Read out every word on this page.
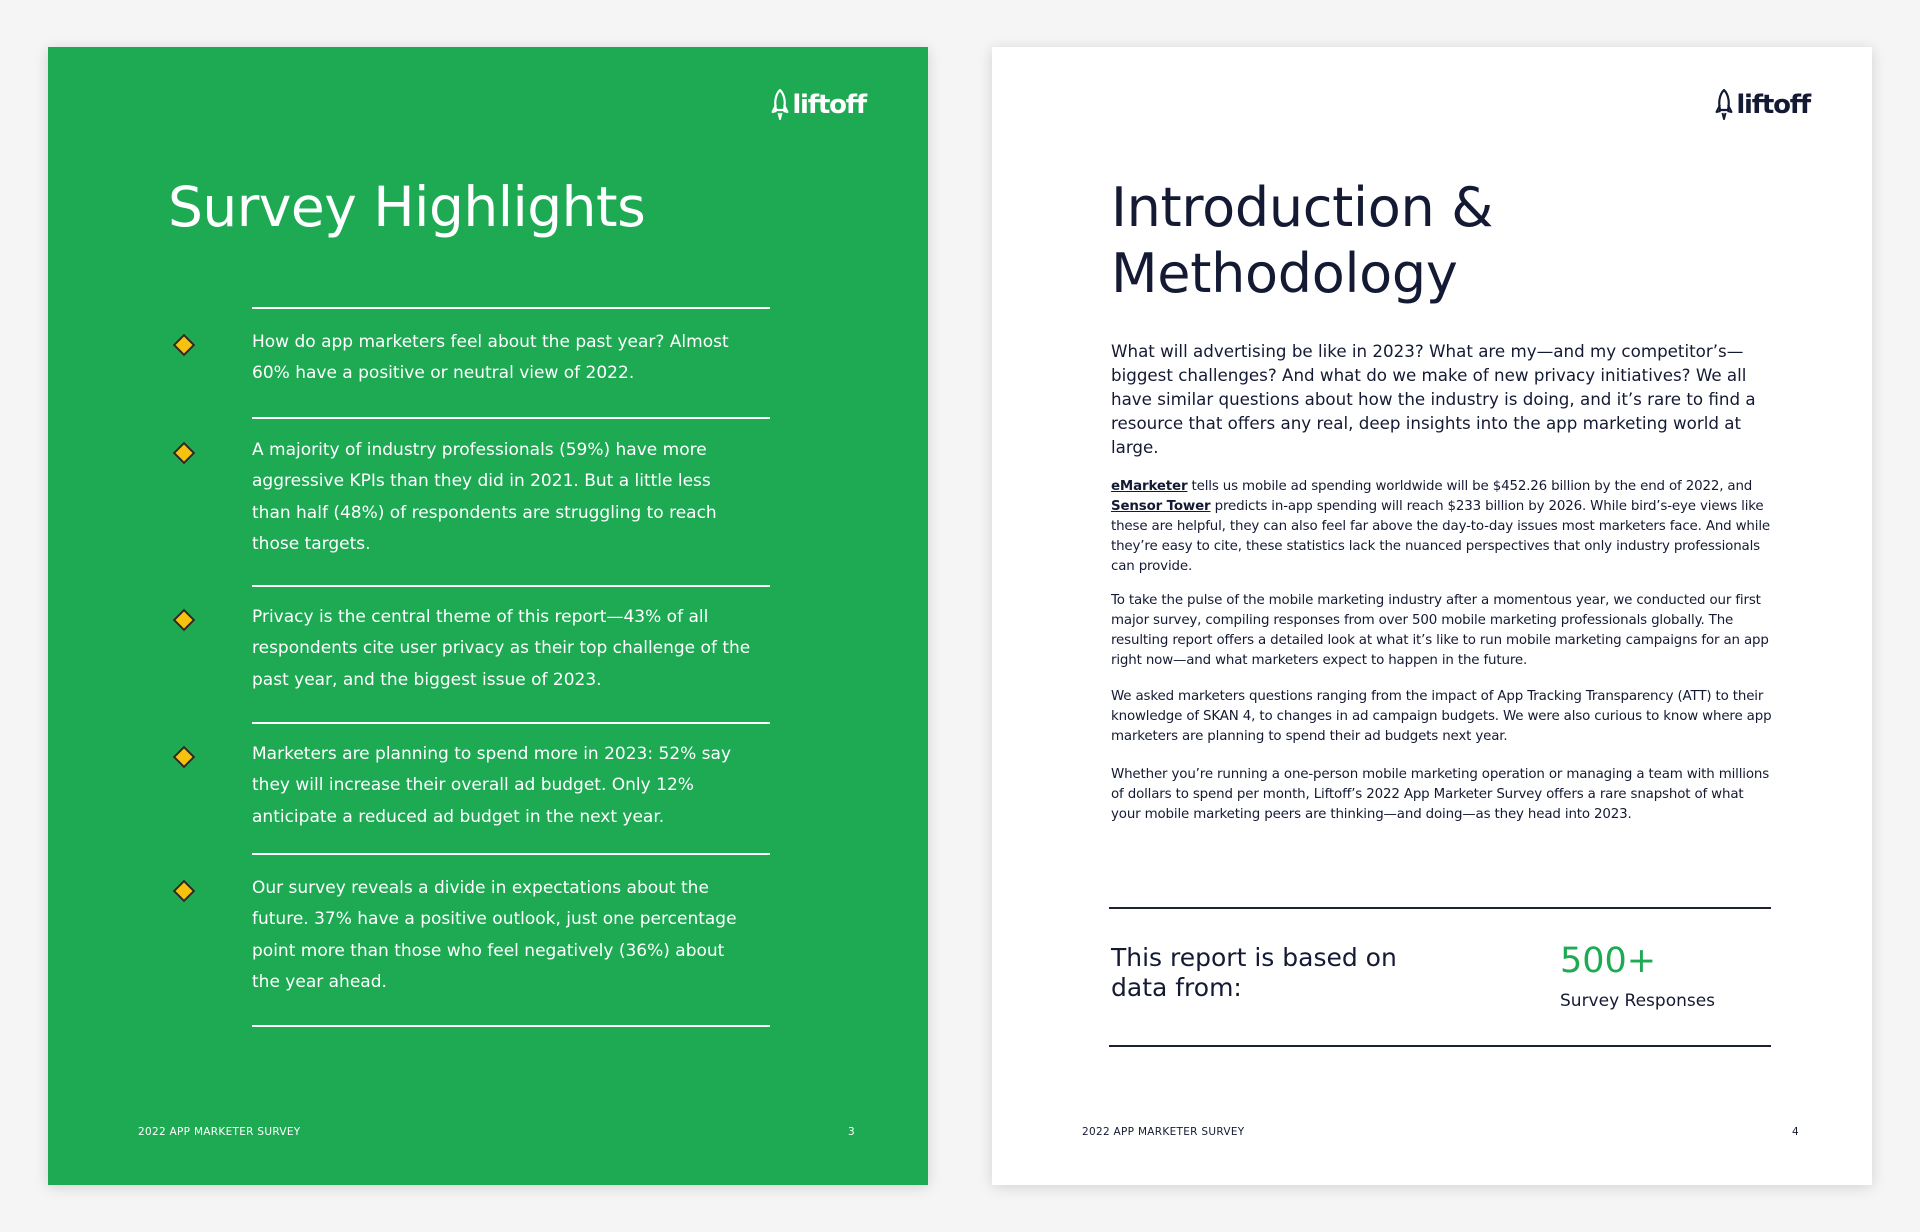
liftoff
Survey Highlights

How do app marketers feel about the past year? Almost 60% have a positive or neutral view of 2022.

A majority of industry professionals (59%) have more aggressive KPIs than they did in 2021. But a little less than half (48%) of respondents are struggling to reach those targets.

Privacy is the central theme of this report—43% of all respondents cite user privacy as their top challenge of the past year, and the biggest issue of 2023.

Marketers are planning to spend more in 2023: 52% say they will increase their overall ad budget. Only 12% anticipate a reduced ad budget in the next year.

Our survey reveals a divide in expectations about the future. 37% have a positive outlook, just one percentage point more than those who feel negatively (36%) about the year ahead.

2022 APP MARKETER SURVEY	3
liftoff
Introduction & Methodology

What will advertising be like in 2023? What are my—and my competitor’s—biggest challenges? And what do we make of new privacy initiatives? We all have similar questions about how the industry is doing, and it’s rare to find a resource that offers any real, deep insights into the app marketing world at large.

eMarketer tells us mobile ad spending worldwide will be $452.26 billion by the end of 2022, and Sensor Tower predicts in-app spending will reach $233 billion by 2026. While bird’s-eye views like these are helpful, they can also feel far above the day-to-day issues most marketers face. And while they’re easy to cite, these statistics lack the nuanced perspectives that only industry professionals can provide.

To take the pulse of the mobile marketing industry after a momentous year, we conducted our first major survey, compiling responses from over 500 mobile marketing professionals globally. The resulting report offers a detailed look at what it’s like to run mobile marketing campaigns for an app right now—and what marketers expect to happen in the future.

We asked marketers questions ranging from the impact of App Tracking Transparency (ATT) to their knowledge of SKAN 4, to changes in ad campaign budgets. We were also curious to know where app marketers are planning to spend their ad budgets next year.

Whether you’re running a one-person mobile marketing operation or managing a team with millions of dollars to spend per month, Liftoff’s 2022 App Marketer Survey offers a rare snapshot of what your mobile marketing peers are thinking—and doing—as they head into 2023.

This report is based on data from:

500+
Survey Responses
2022 APP MARKETER SURVEY	4
